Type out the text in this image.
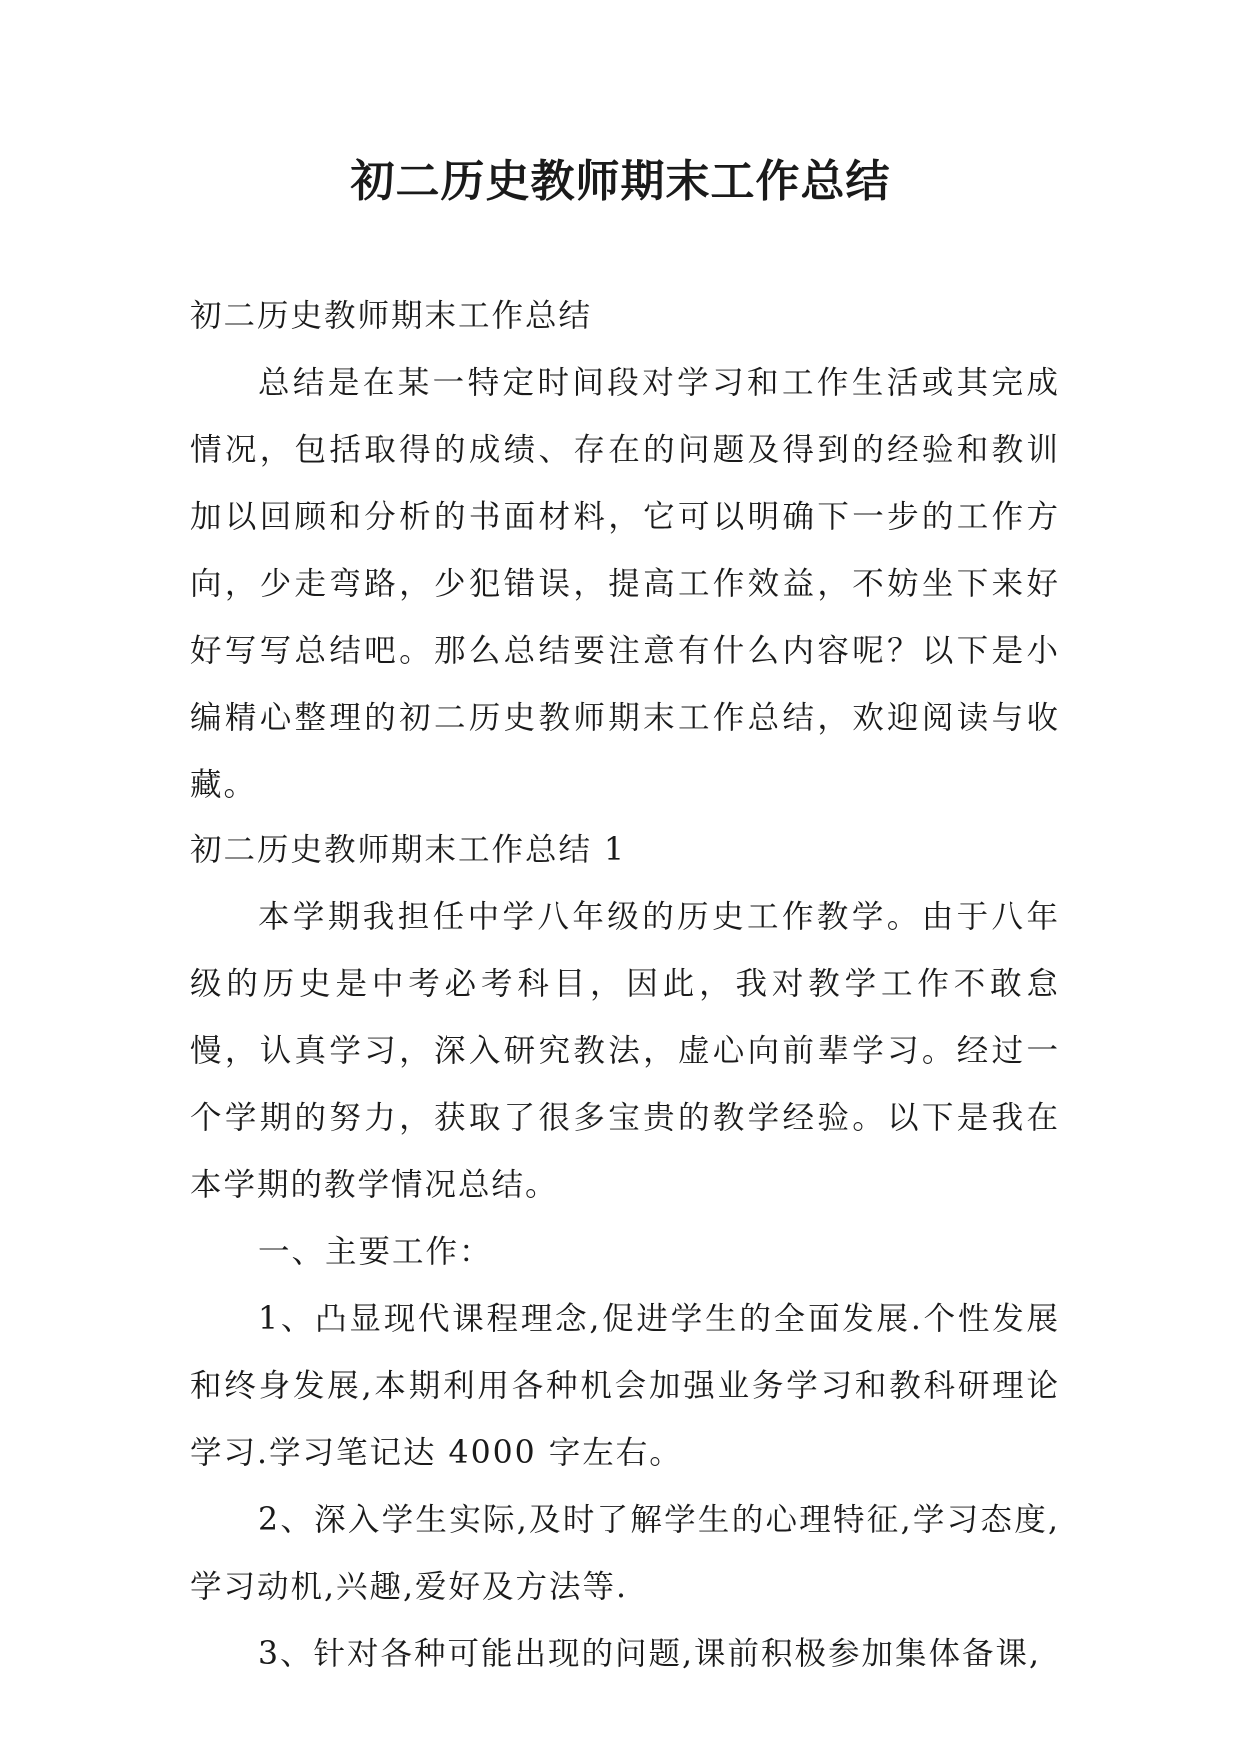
初二历史教师期末工作总结
初二历史教师期末工作总结

总结是在某一特定时间段对学习和工作生活或其完成情况，包括取得的成绩、存在的问题及得到的经验和教训加以回顾和分析的书面材料，它可以明确下一步的工作方向，少走弯路，少犯错误，提高工作效益，不妨坐下来好好写写总结吧。那么总结要注意有什么内容呢？以下是小编精心整理的初二历史教师期末工作总结，欢迎阅读与收藏。

初二历史教师期末工作总结 1

本学期我担任中学八年级的历史工作教学。由于八年级的历史是中考必考科目，因此，我对教学工作不敢怠慢，认真学习，深入研究教法，虚心向前辈学习。经过一个学期的努力，获取了很多宝贵的教学经验。以下是我在本学期的教学情况总结。

一、主要工作：

1、凸显现代课程理念,促进学生的全面发展.个性发展和终身发展,本期利用各种机会加强业务学习和教科研理论学习.学习笔记达 4000 字左右。

2、深入学生实际,及时了解学生的心理特征,学习态度,学习动机,兴趣,爱好及方法等.

3、针对各种可能出现的问题,课前积极参加集体备课,
